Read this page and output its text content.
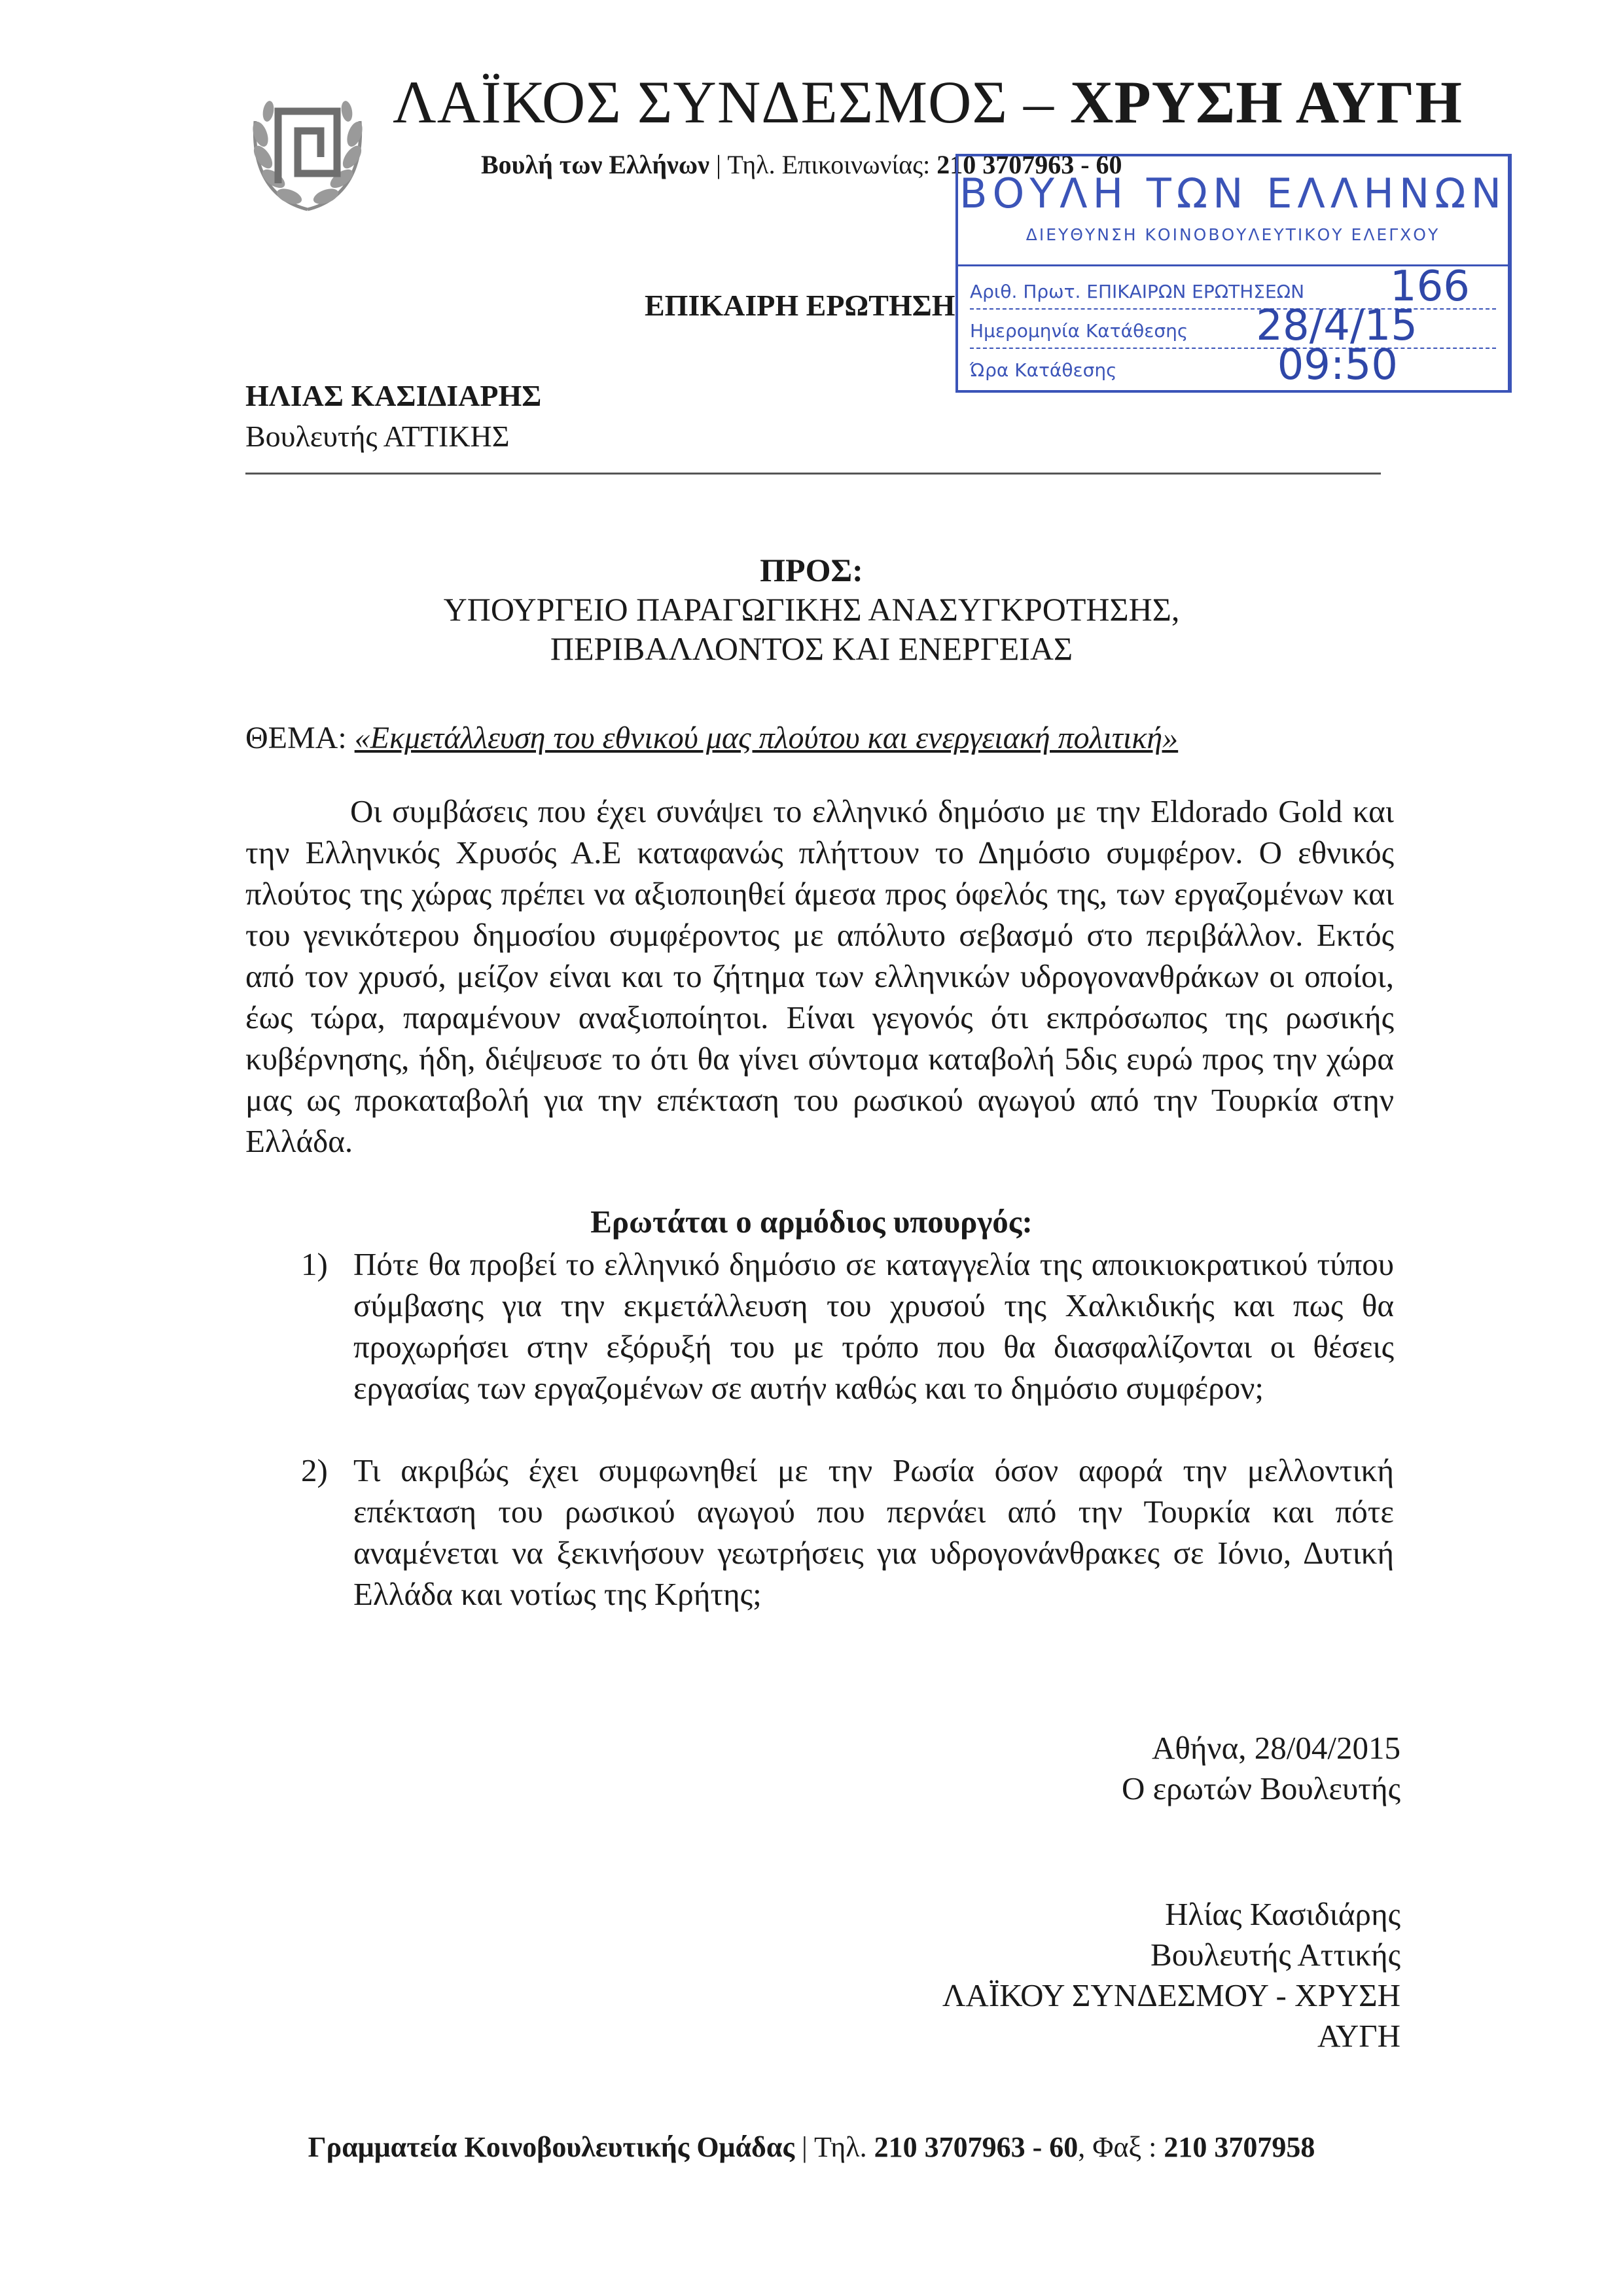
ΛΑΪΚΟΣ ΣΥΝΔΕΣΜΟΣ – ΧΡΥΣΗ ΑΥΓΗ
Βουλή των Ελλήνων | Τηλ. Επικοινωνίας: 210 3707963 - 60
ΒΟΥΛΗ ΤΩΝ ΕΛΛΗΝΩΝ
ΔΙΕΥΘΥΝΣΗ ΚΟΙΝΟΒΟΥΛΕΥΤΙΚΟΥ ΕΛΕΓΧΟΥ
Αριθ. Πρωτ. ΕΠΙΚΑΙΡΩΝ ΕΡΩΤΗΣΕΩΝ 166
Ημερομηνία Κατάθεσης 28/4/15
Ώρα Κατάθεσης	09:50
ΕΠΙΚΑΙΡΗ ΕΡΩΤΗΣΗ
ΗΛΙΑΣ ΚΑΣΙΔΙΑΡΗΣ
Βουλευτής ΑΤΤΙΚΗΣ
ΠΡΟΣ:
ΥΠΟΥΡΓΕΙΟ ΠΑΡΑΓΩΓΙΚΗΣ ΑΝΑΣΥΓΚΡΟΤΗΣΗΣ,
ΠΕΡΙΒΑΛΛΟΝΤΟΣ ΚΑΙ ΕΝΕΡΓΕΙΑΣ
ΘΕΜΑ: «Εκμετάλλευση του εθνικού μας πλούτου και ενεργειακή πολιτική»
Οι συμβάσεις που έχει συνάψει το ελληνικό δημόσιο με την Eldorado Gold και την Ελληνικός Χρυσός Α.Ε καταφανώς πλήττουν το Δημόσιο συμφέρον. Ο εθνικός πλούτος της χώρας πρέπει να αξιοποιηθεί άμεσα προς όφελός της, των εργαζομένων και του γενικότερου δημοσίου συμφέροντος με απόλυτο σεβασμό στο περιβάλλον. Εκτός από τον χρυσό, μείζον είναι και το ζήτημα των ελληνικών υδρογονανθράκων οι οποίοι, έως τώρα, παραμένουν αναξιοποίητοι. Είναι γεγονός ότι εκπρόσωπος της ρωσικής κυβέρνησης, ήδη, διέψευσε το ότι θα γίνει σύντομα καταβολή 5δις ευρώ προς την χώρα μας ως προκαταβολή για την επέκταση του ρωσικού αγωγού από την Τουρκία στην Ελλάδα.
Ερωτάται ο αρμόδιος υπουργός:
1) Πότε θα προβεί το ελληνικό δημόσιο σε καταγγελία της αποικιοκρατικού τύπου σύμβασης για την εκμετάλλευση του χρυσού της Χαλκιδικής και πως θα προχωρήσει στην εξόρυξή του με τρόπο που θα διασφαλίζονται οι θέσεις εργασίας των εργαζομένων σε αυτήν καθώς και το δημόσιο συμφέρον;
2) Τι ακριβώς έχει συμφωνηθεί με την Ρωσία όσον αφορά την μελλοντική επέκταση του ρωσικού αγωγού που περνάει από την Τουρκία και πότε αναμένεται να ξεκινήσουν γεωτρήσεις για υδρογονάνθρακες σε Ιόνιο, Δυτική Ελλάδα και νοτίως της Κρήτης;
Αθήνα, 28/04/2015
Ο ερωτών Βουλευτής
Ηλίας Κασιδιάρης
Βουλευτής Αττικής
ΛΑΪΚΟΥ ΣΥΝΔΕΣΜΟΥ - ΧΡΥΣΗ ΑΥΓΗ
Γραμματεία Κοινοβουλευτικής Ομάδας | Τηλ. 210 3707963 - 60, Φαξ : 210 3707958
